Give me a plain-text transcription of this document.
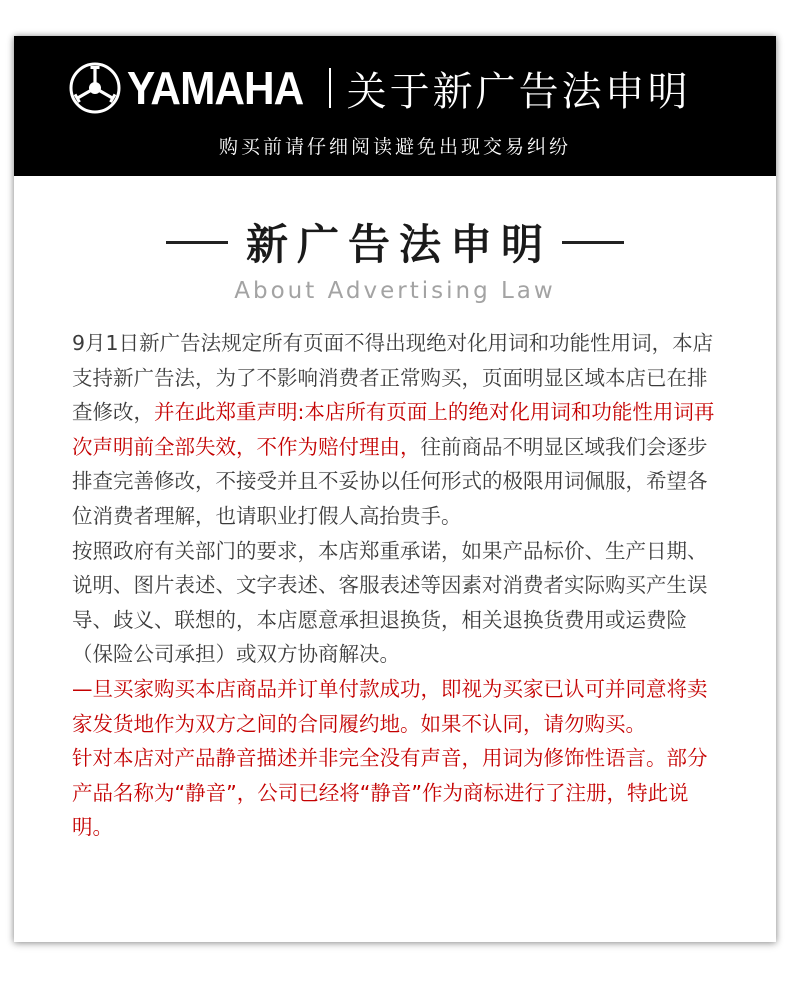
YAMAHA 关于新广告法申明
购买前请仔细阅读避免出现交易纠纷
新广告法申明
About Advertising Law

9月1日新广告法规定所有页面不得出现绝对化用词和功能性用词，本店支持新广告法，为了不影响消费者正常购买，页面明显区域本店已在排查修改，并在此郑重声明:本店所有页面上的绝对化用词和功能性用词再次声明前全部失效，不作为赔付理由，往前商品不明显区域我们会逐步排查完善修改，不接受并且不妥协以任何形式的极限用词佩服，希望各位消费者理解，也请职业打假人高抬贵手。

按照政府有关部门的要求，本店郑重承诺，如果产品标价、生产日期、说明、图片表述、文字表述、客服表述等因素对消费者实际购买产生误导、歧义、联想的，本店愿意承担退换货，相关退换货费用或运费险（保险公司承担）或双方协商解决。

—旦买家购买本店商品并订单付款成功，即视为买家已认可并同意将卖家发货地作为双方之间的合同履约地。如果不认同，请勿购买。

针对本店对产品静音描述并非完全没有声音，用词为修饰性语言。部分产品名称为“静音”，公司已经将“静音”作为商标进行了注册，特此说明。
